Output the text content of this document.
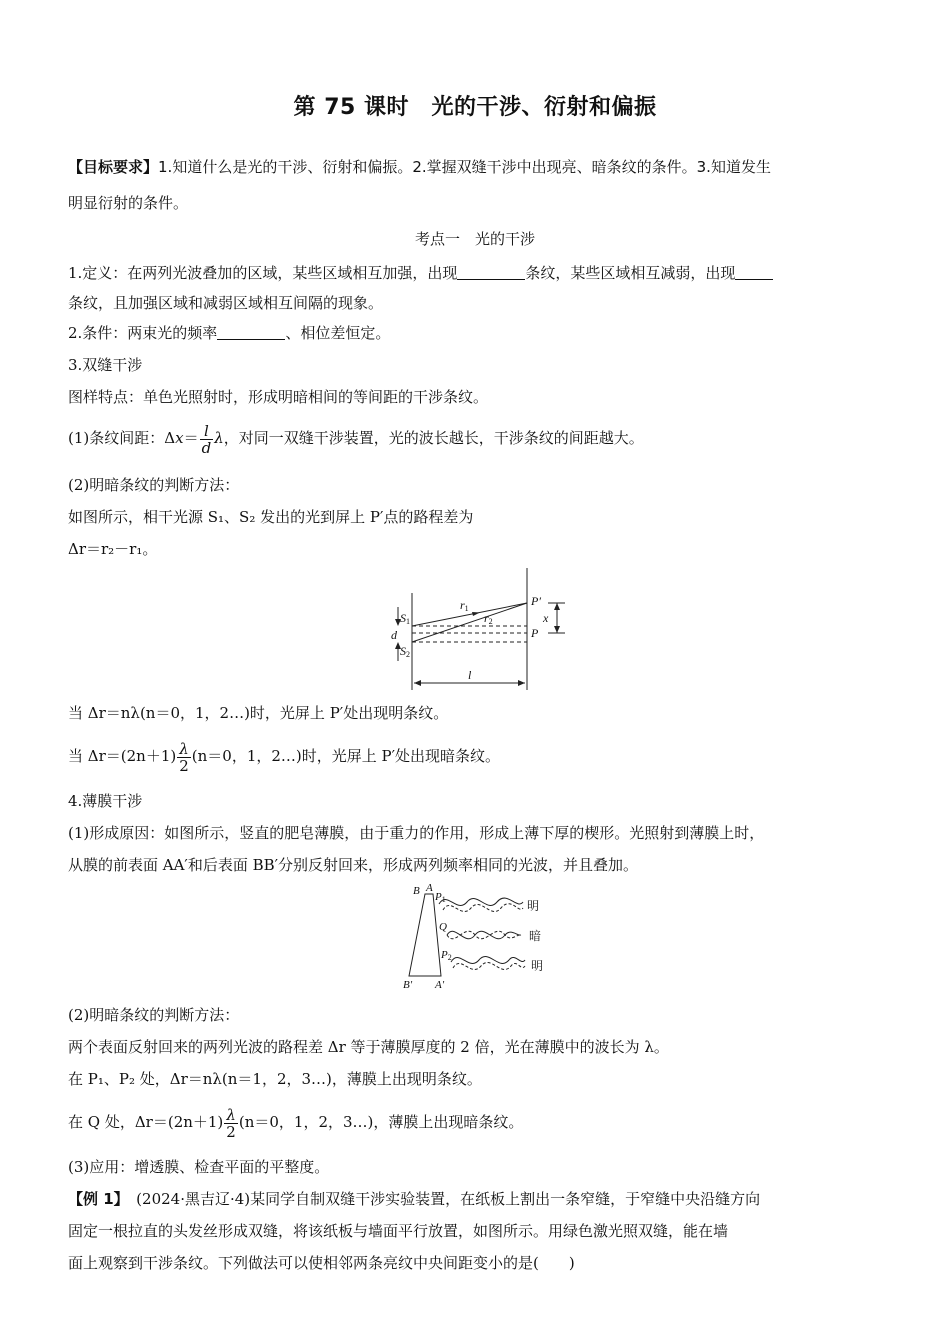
第 75 课时　光的干涉、衍射和偏振
【目标要求】1.知道什么是光的干涉、衍射和偏振。2.掌握双缝干涉中出现亮、暗条纹的条件。3.知道发生
明显衍射的条件。
考点一　光的干涉
1.定义：在两列光波叠加的区域，某些区域相互加强，出现	条纹，某些区域相互减弱，出现
条纹，且加强区域和减弱区域相互间隔的现象。
2.条件：两束光的频率	、相位差恒定。
3.双缝干涉
图样特点：单色光照射时，形成明暗相间的等间距的干涉条纹。
(1)条纹间距：$\Delta x= \frac{l}{d}$ λ，对同一双缝干涉装置，光的波长越长，干涉条纹的间距越大。
(2)明暗条纹的判断方法：
如图所示，相干光源 S₁、S₂ 发出的光到屏上 P′点的路程差为
Δr＝r₂－r₁。
S1
d
S2
r1
r2
P′
P
x
l
当 Δr＝nλ(n＝0，1，2…)时，光屏上 P′处出现明条纹。
当 $\Delta r=(2n+1) \frac{\lambda}{2} (n=0$，1，2…)时，光屏上 P′处出现暗条纹。
4.薄膜干涉
(1)形成原因：如图所示，竖直的肥皂薄膜，由于重力的作用，形成上薄下厚的楔形。光照射到薄膜上时，
从膜的前表面 AA′和后表面 BB′分别反射回来，形成两列频率相同的光波，并且叠加。
B A
P1
Q
P2
B′ A′
明
暗
明
(2)明暗条纹的判断方法：
两个表面反射回来的两列光波的路程差 Δr 等于薄膜厚度的 2 倍，光在薄膜中的波长为 λ。
在 P₁、P₂ 处，Δr＝nλ(n＝1，2，3…)，薄膜上出现明条纹。
在 Q 处，$\Delta r=(2n+1) \frac{\lambda}{2} (n=0$，1，2，3…)，薄膜上出现暗条纹。
(3)应用：增透膜、检查平面的平整度。
【例 1】　(2024·黑吉辽·4)某同学自制双缝干涉实验装置，在纸板上割出一条窄缝，于窄缝中央沿缝方向
固定一根拉直的头发丝形成双缝，将该纸板与墙面平行放置，如图所示。用绿色激光照双缝，能在墙
面上观察到干涉条纹。下列做法可以使相邻两条亮纹中央间距变小的是(　　)
